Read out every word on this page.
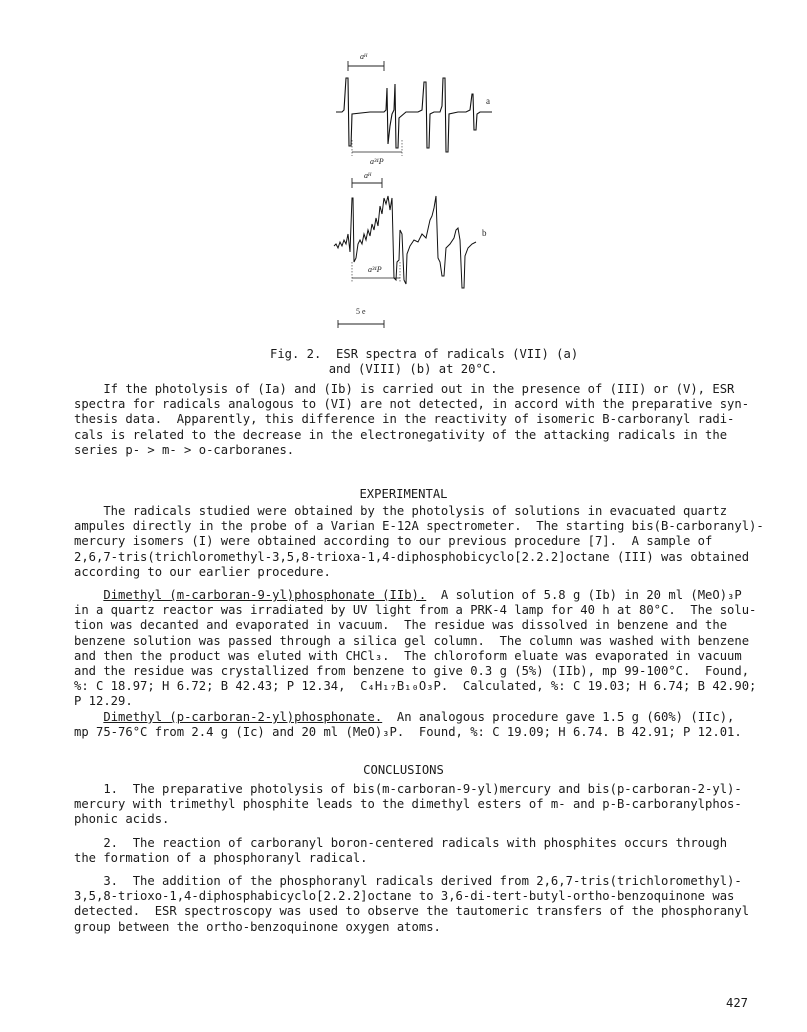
aᴴ
a
a³¹P
aᴴ
b
a³¹P
5 e
Fig. 2.  ESR spectra of radicals (VII) (a)
and (VIII) (b) at 20°C.
If the photolysis of (Ia) and (Ib) is carried out in the presence of (III) or (V), ESR
spectra for radicals analogous to (VI) are not detected, in accord with the preparative syn-
thesis data.  Apparently, this difference in the reactivity of isomeric B-carboranyl radi-
cals is related to the decrease in the electronegativity of the attacking radicals in the
series p- > m- > o-carboranes.
EXPERIMENTAL
The radicals studied were obtained by the photolysis of solutions in evacuated quartz
ampules directly in the probe of a Varian E-12A spectrometer.  The starting bis(B-carboranyl)-
mercury isomers (I) were obtained according to our previous procedure [7].  A sample of
2,6,7-tris(trichloromethyl-3,5,8-trioxa-1,4-diphosphobicyclo[2.2.2]octane (III) was obtained
according to our earlier procedure.
Dimethyl (m-carboran-9-yl)phosphonate (IIb).  A solution of 5.8 g (Ib) in 20 ml (MeO)₃P
in a quartz reactor was irradiated by UV light from a PRK-4 lamp for 40 h at 80°C.  The solu-
tion was decanted and evaporated in vacuum.  The residue was dissolved in benzene and the
benzene solution was passed through a silica gel column.  The column was washed with benzene
and then the product was eluted with CHCl₃.  The chloroform eluate was evaporated in vacuum
and the residue was crystallized from benzene to give 0.3 g (5%) (IIb), mp 99-100°C.  Found,
%: C 18.97; H 6.72; B 42.43; P 12.34,  C₄H₁₇B₁₀O₃P.  Calculated, %: C 19.03; H 6.74; B 42.90;
P 12.29.
Dimethyl (p-carboran-2-yl)phosphonate.  An analogous procedure gave 1.5 g (60%) (IIc),
mp 75-76°C from 2.4 g (Ic) and 20 ml (MeO)₃P.  Found, %: C 19.09; H 6.74. B 42.91; P 12.01.
CONCLUSIONS
1.  The preparative photolysis of bis(m-carboran-9-yl)mercury and bis(p-carboran-2-yl)-
mercury with trimethyl phosphite leads to the dimethyl esters of m- and p-B-carboranylphos-
phonic acids.
2.  The reaction of carboranyl boron-centered radicals with phosphites occurs through
the formation of a phosphoranyl radical.
3.  The addition of the phosphoranyl radicals derived from 2,6,7-tris(trichloromethyl)-
3,5,8-trioxo-1,4-diphosphabicyclo[2.2.2]octane to 3,6-di-tert-butyl-ortho-benzoquinone was
detected.  ESR spectroscopy was used to observe the tautomeric transfers of the phosphoranyl
group between the ortho-benzoquinone oxygen atoms.
427
